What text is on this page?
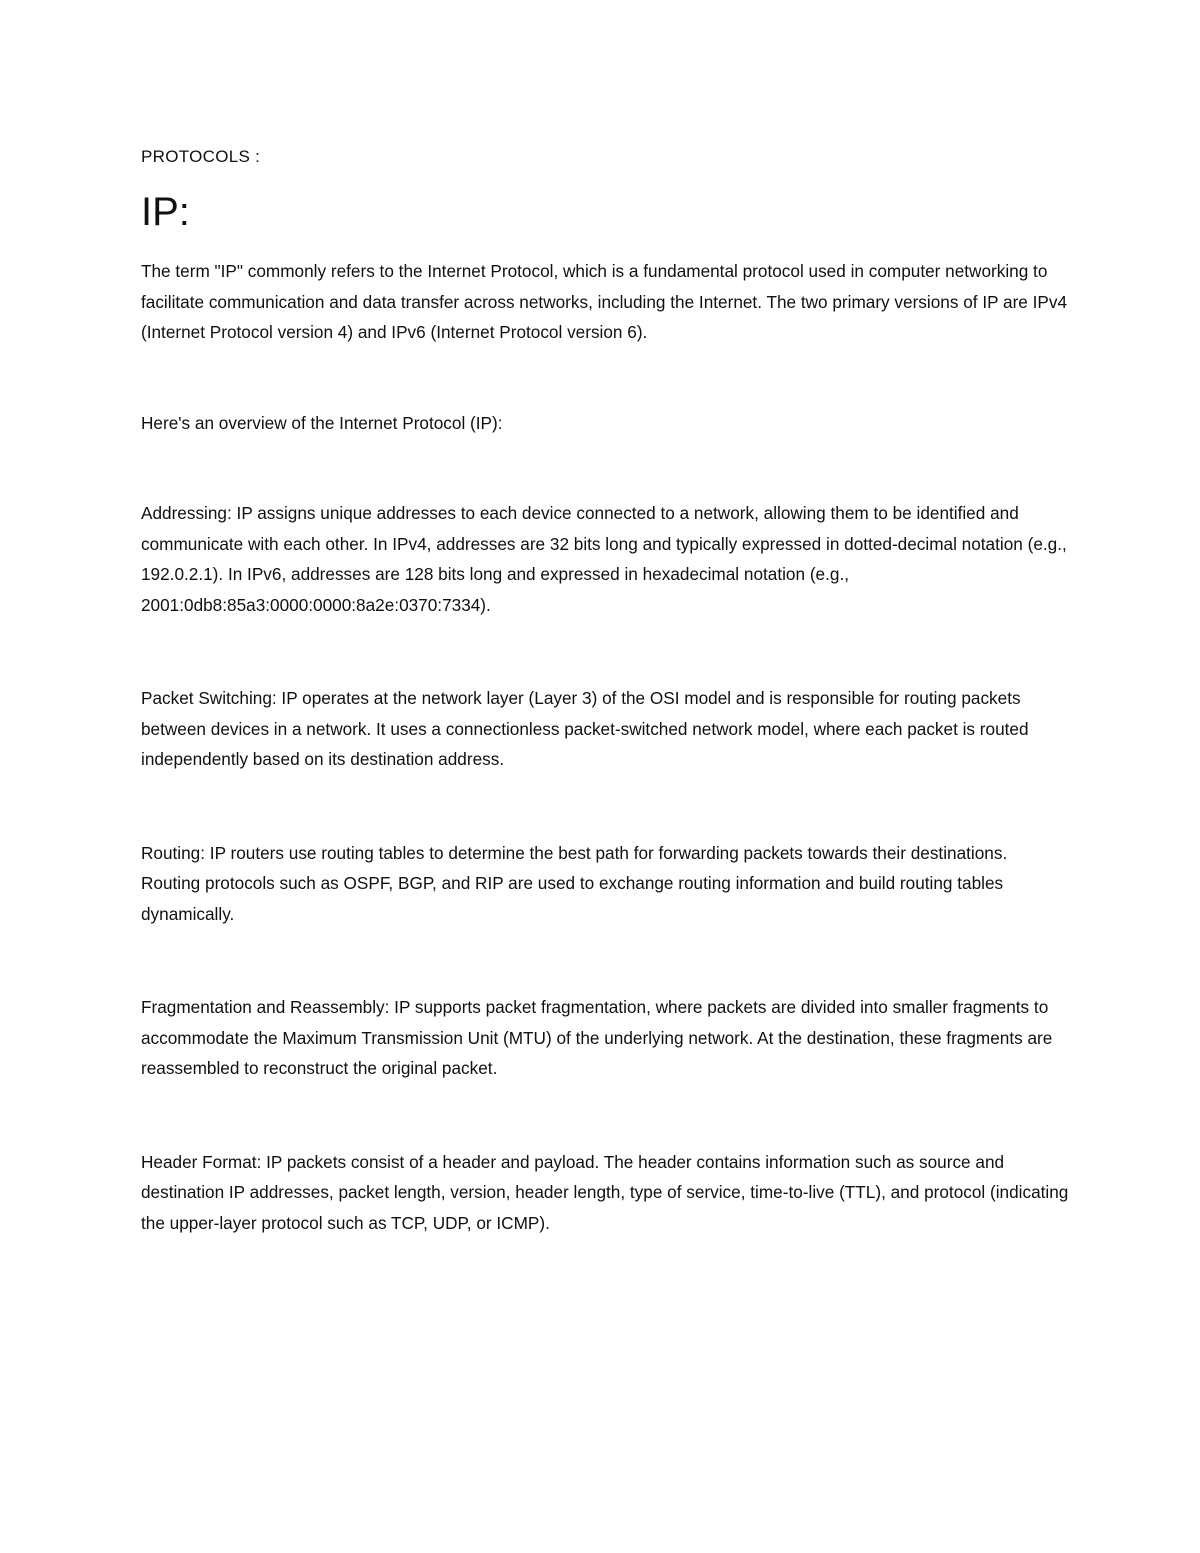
PROTOCOLS :

IP:

The term "IP" commonly refers to the Internet Protocol, which is a fundamental protocol used in computer networking to facilitate communication and data transfer across networks, including the Internet. The two primary versions of IP are IPv4 (Internet Protocol version 4) and IPv6 (Internet Protocol version 6).

Here's an overview of the Internet Protocol (IP):

Addressing: IP assigns unique addresses to each device connected to a network, allowing them to be identified and communicate with each other. In IPv4, addresses are 32 bits long and typically expressed in dotted-decimal notation (e.g., 192.0.2.1). In IPv6, addresses are 128 bits long and expressed in hexadecimal notation (e.g., 2001:0db8:85a3:0000:0000:8a2e:0370:7334).

Packet Switching: IP operates at the network layer (Layer 3) of the OSI model and is responsible for routing packets between devices in a network. It uses a connectionless packet-switched network model, where each packet is routed independently based on its destination address.

Routing: IP routers use routing tables to determine the best path for forwarding packets towards their destinations. Routing protocols such as OSPF, BGP, and RIP are used to exchange routing information and build routing tables dynamically.

Fragmentation and Reassembly: IP supports packet fragmentation, where packets are divided into smaller fragments to accommodate the Maximum Transmission Unit (MTU) of the underlying network. At the destination, these fragments are reassembled to reconstruct the original packet.

Header Format: IP packets consist of a header and payload. The header contains information such as source and destination IP addresses, packet length, version, header length, type of service, time-to-live (TTL), and protocol (indicating the upper-layer protocol such as TCP, UDP, or ICMP).
